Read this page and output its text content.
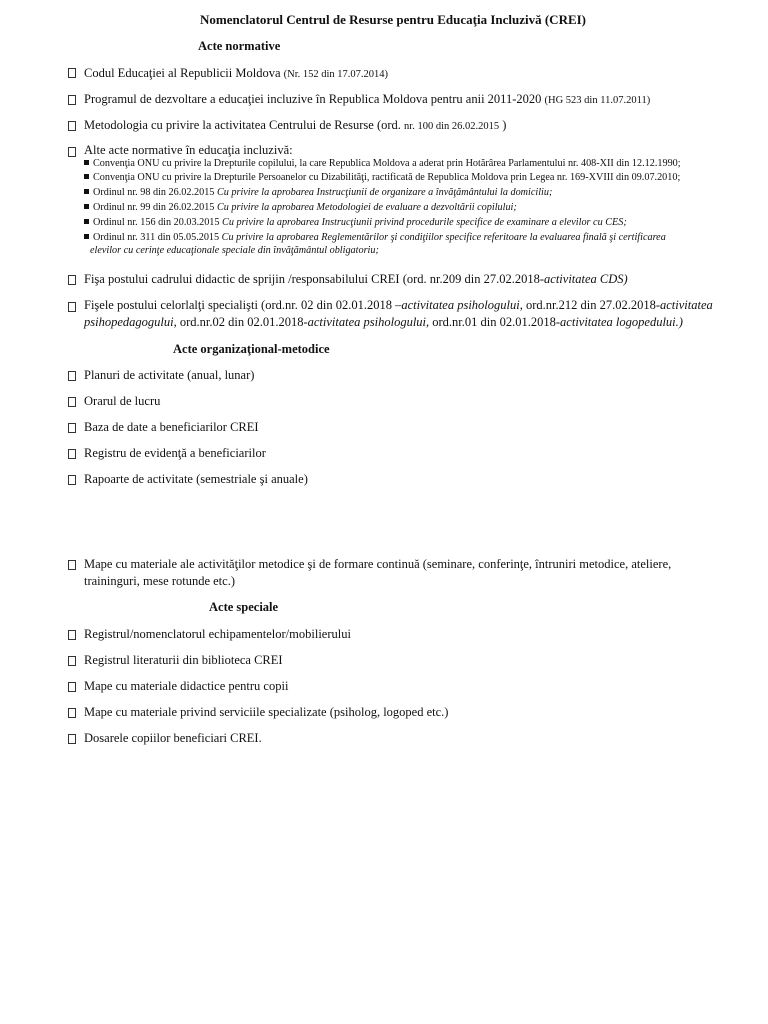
Nomenclatorul Centrul de Resurse pentru Educaţia Incluzivă (CREI)
Acte normative
Codul Educaţiei al Republicii Moldova (Nr. 152 din 17.07.2014)
Programul de dezvoltare a educaţiei incluzive în Republica Moldova pentru anii 2011-2020 (HG 523 din 11.07.2011)
Metodologia cu privire la activitatea Centrului de Resurse (ord. nr. 100 din 26.02.2015 )
Alte acte normative în educaţia incluzivă:
Convenţia ONU cu privire la Drepturile copilului, la care Republica Moldova a aderat prin Hotărârea Parlamentului nr. 408-XII din 12.12.1990;
Convenţia ONU cu privire la Drepturile Persoanelor cu Dizabilităţi, ractificată de Republica Moldova prin Legea nr. 169-XVIII din 09.07.2010;
Ordinul nr. 98 din 26.02.2015 Cu privire la aprobarea Instrucţiunii de organizare a învăţământului la domiciliu;
Ordinul nr. 99 din 26.02.2015 Cu privire la aprobarea Metodologiei de evaluare a dezvoltării copilului;
Ordinul nr. 156 din 20.03.2015 Cu privire la aprobarea Instrucţiunii privind procedurile specifice de examinare a elevilor cu CES;
Ordinul nr. 311 din 05.05.2015 Cu privire la aprobarea Reglementărilor şi condiţiilor specifice referitoare la evaluarea finală şi certificarea
elevilor cu cerinţe educaţionale speciale din învăţământul obligatoriu;
Fişa postului cadrului didactic de sprijin /responsabilului CREI (ord. nr.209 din 27.02.2018-activitatea CDS)
Fişele postului celorlalţi specialişti (ord.nr. 02 din 02.01.2018 –activitatea psihologului, ord.nr.212 din 27.02.2018-activitatea psihopedagogului, ord.nr.02 din 02.01.2018-activitatea psihologului, ord.nr.01 din 02.01.2018-activitatea logopedului.)
Acte organizaţional-metodice
Planuri de activitate (anual, lunar)
Orarul de lucru
Baza de date a beneficiarilor CREI
Registru de evidenţă a beneficiarilor
Rapoarte de activitate (semestriale şi anuale)
Mape cu materiale ale activităţilor metodice şi de formare continuă (seminare, conferinţe, întruniri metodice, ateliere, traininguri, mese rotunde etc.)
Acte speciale
Registrul/nomenclatorul echipamentelor/mobilierului
Registrul literaturii din biblioteca CREI
Mape cu materiale didactice pentru copii
Mape cu materiale privind serviciile specializate (psiholog, logoped etc.)
Dosarele copiilor beneficiari CREI.
